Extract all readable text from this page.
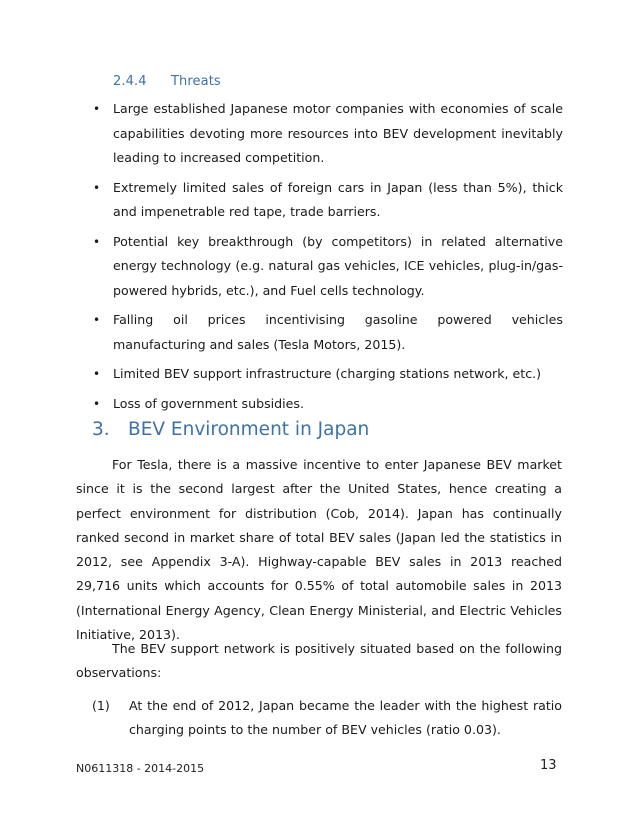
2.4.4 Threats
• Large established Japanese motor companies with economies of scale capabilities devoting more resources into BEV development inevitably leading to increased competition.
• Extremely limited sales of foreign cars in Japan (less than 5%), thick and impenetrable red tape, trade barriers.
• Potential key breakthrough (by competitors) in related alternative energy technology (e.g. natural gas vehicles, ICE vehicles, plug-in/gas-powered hybrids, etc.), and Fuel cells technology.
• Falling oil prices incentivising gasoline powered vehicles manufacturing and sales (Tesla Motors, 2015).
• Limited BEV support infrastructure (charging stations network, etc.)
• Loss of government subsidies.
3. BEV Environment in Japan

For Tesla, there is a massive incentive to enter Japanese BEV market since it is the second largest after the United States, hence creating a perfect environment for distribution (Cob, 2014). Japan has continually ranked second in market share of total BEV sales (Japan led the statistics in 2012, see Appendix 3-A). Highway-capable BEV sales in 2013 reached 29,716 units which accounts for 0.55% of total automobile sales in 2013 (International Energy Agency, Clean Energy Ministerial, and Electric Vehicles Initiative, 2013).

The BEV support network is positively situated based on the following observations:

(1) At the end of 2012, Japan became the leader with the highest ratio charging points to the number of BEV vehicles (ratio 0.03).
N0611318 - 2014-2015	13
